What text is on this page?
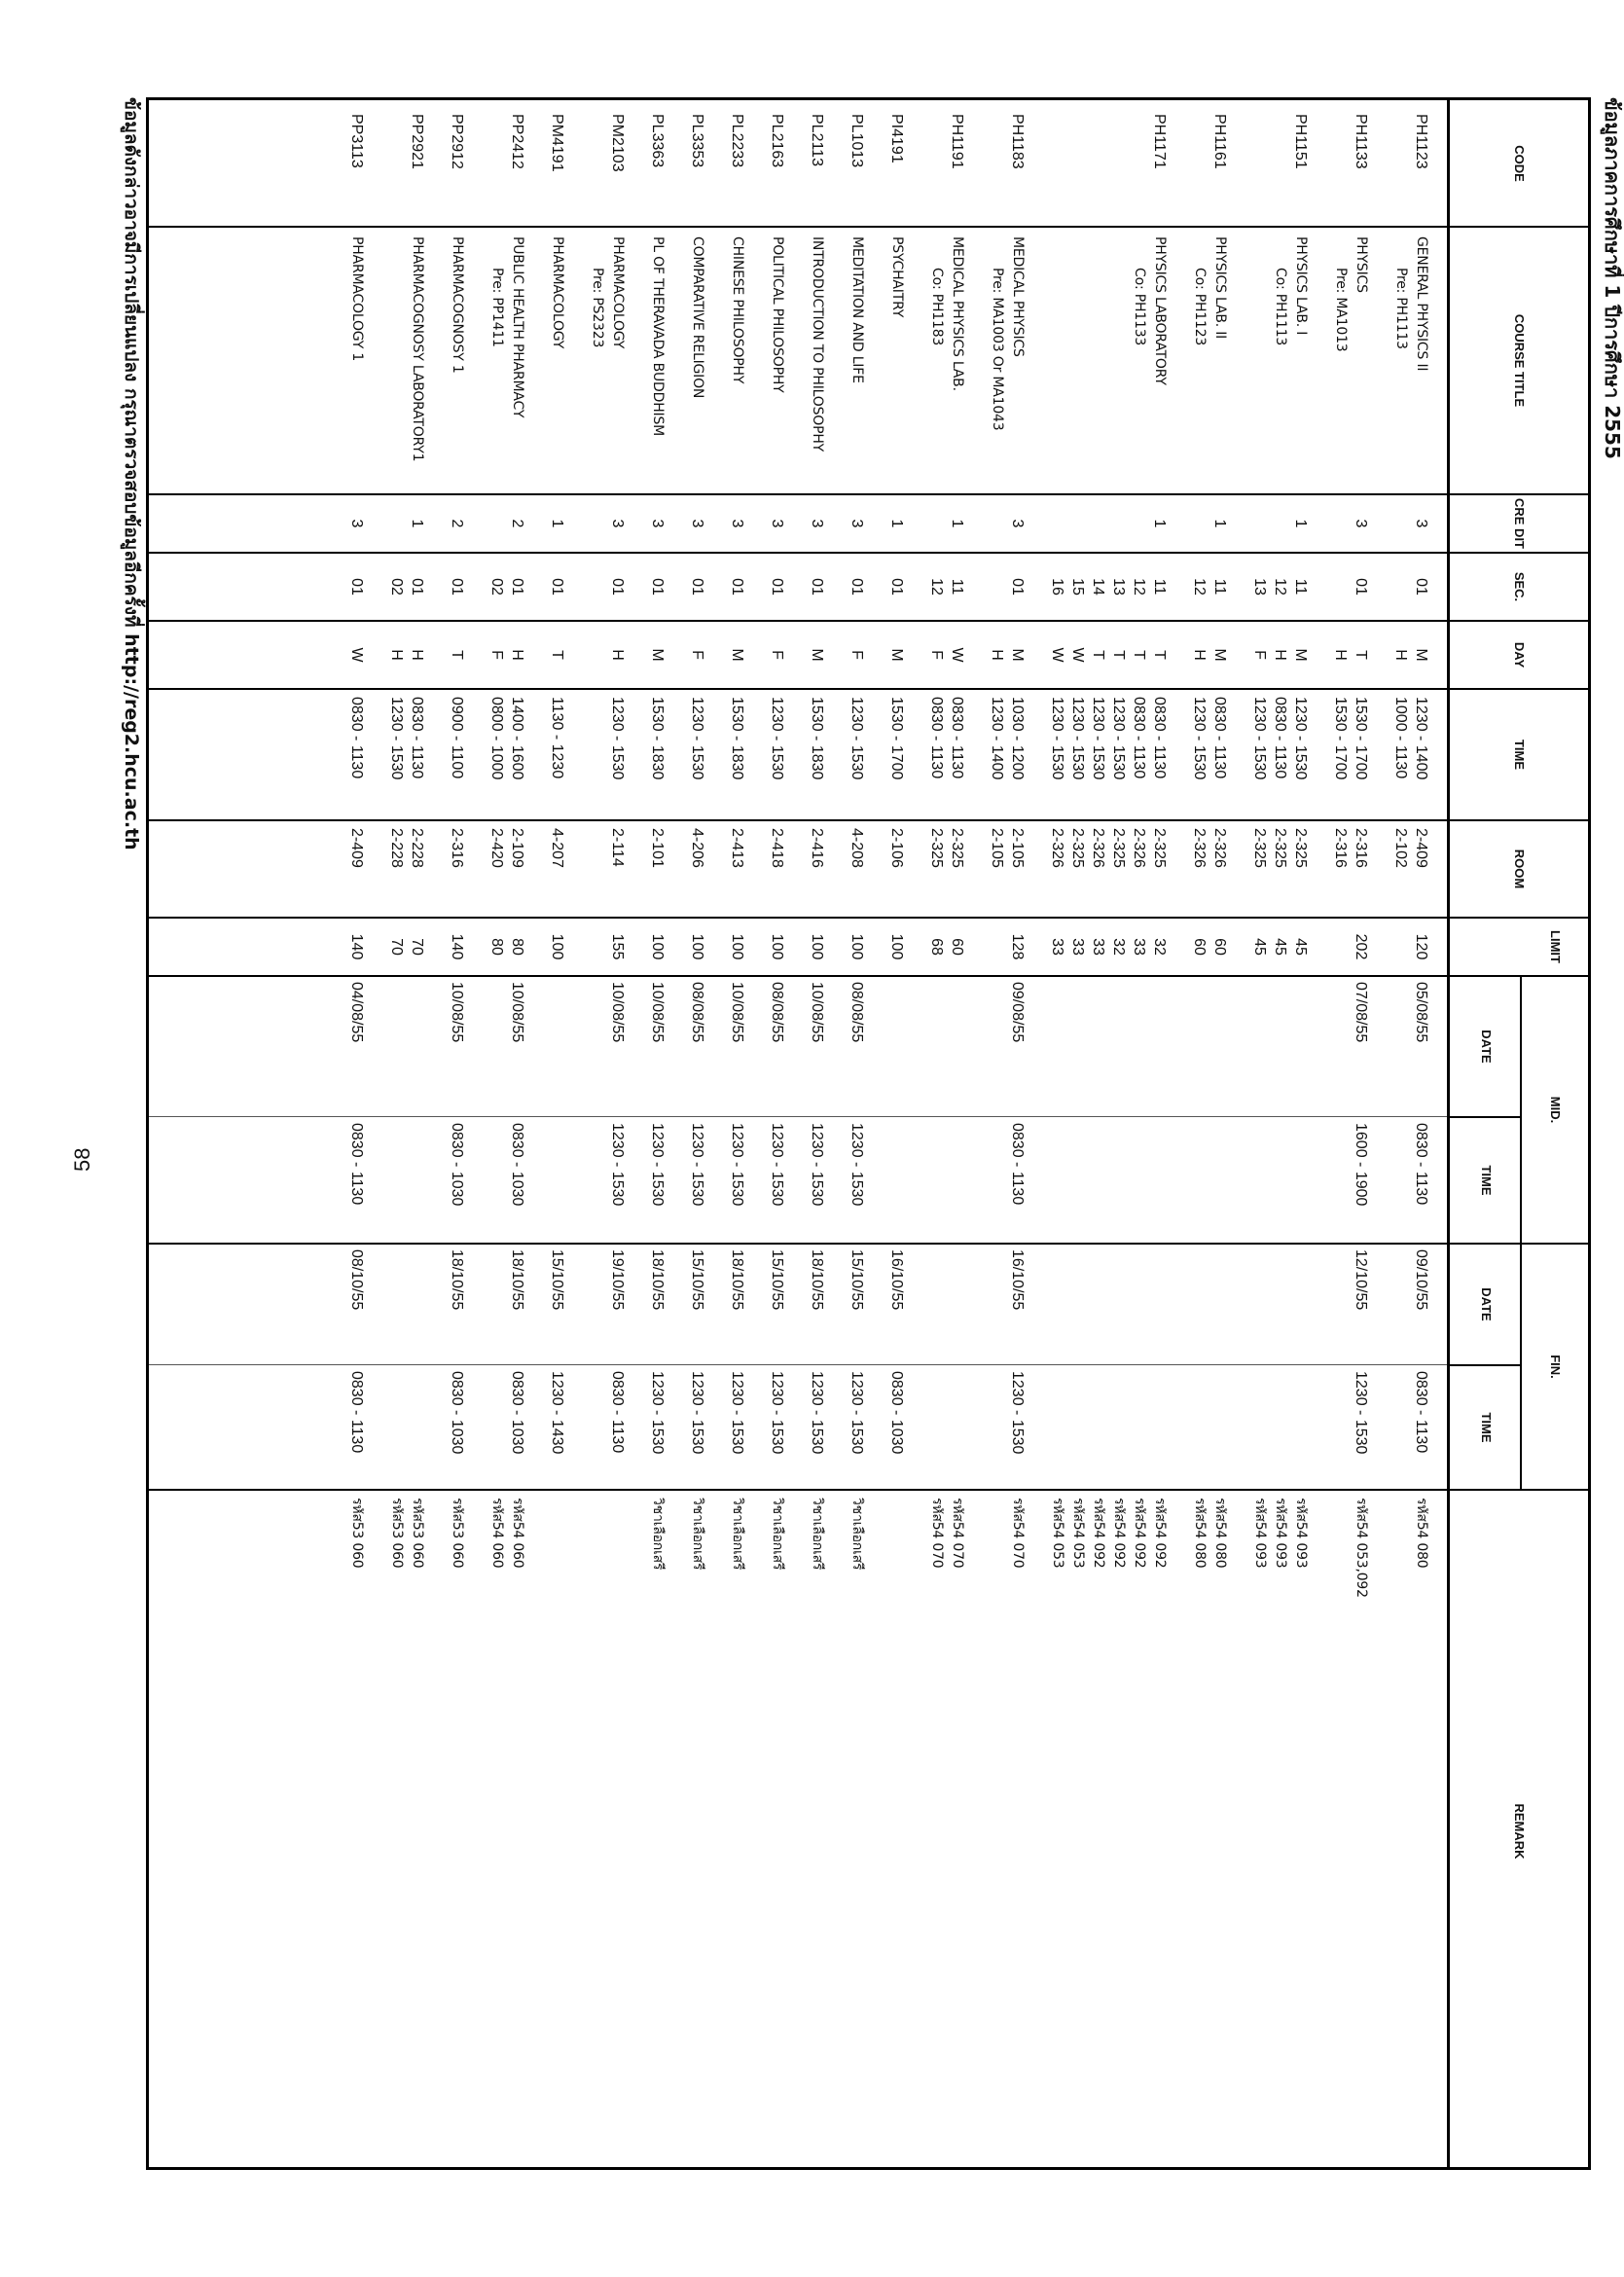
58
ข้อมูลภาคการศึกษาที่ 1 ปีการศึกษา 2555
ข้อมูลดังกล่าวอาจมีการเปลี่ยนแปลง กรุณาตรวจสอบข้อมูลอีกครั้งที่ http://reg2.hcu.ac.th	CODE
COURSE TITLE
CRE DIT
SEC.
DAY
TIME
ROOM
LIMIT
MID.
FIN.
DATE
TIME
DATE
TIME
REMARK
PH1123
GENERAL PHYSICS II
Pre: PH1113
3
01
M
H
1230 - 1400
1000 - 1130
2-409
2-102
120
05/08/55
0830 - 1130
09/10/55
0830 - 1130
รหัส54 080
PH1133
PHYSICS
Pre: MA1013
3
01
T
H
1530 - 1700
1530 - 1700
2-316
2-316
202
07/08/55
1600 - 1900
12/10/55
1230 - 1530
รหัส54 053,092
PH1151
PHYSICS LAB. I
Co: PH1113
1
11
12
13
M
H
F
1230 - 1530
0830 - 1130
1230 - 1530
2-325
2-325
2-325
45
45
45
รหัส54 093
รหัส54 093
รหัส54 093
PH1161
PHYSICS LAB. II
Co: PH1123
1
11
12
M
H
0830 - 1130
1230 - 1530
2-326
2-326
60
60
รหัส54 080
รหัส54 080
PH1171
PHYSICS LABORATORY
Co: PH1133
1
11
12
13
14
15
16
T
T
T
T
W
W
0830 - 1130
0830 - 1130
1230 - 1530
1230 - 1530
1230 - 1530
1230 - 1530
2-325
2-326
2-325
2-326
2-325
2-326
32
33
32
33
33
33
รหัส54 092
รหัส54 092
รหัส54 092
รหัส54 092
รหัส54 053
รหัส54 053
PH1183
MEDICAL PHYSICS
Pre: MA1003 Or MA1043
3
01
M
H
1030 - 1200
1230 - 1400
2-105
2-105
128
09/08/55
0830 - 1130
16/10/55
1230 - 1530
รหัส54 070
PH1191
MEDICAL PHYSICS LAB.
Co: PH1183
1
11
12
W
F
0830 - 1130
0830 - 1130
2-325
2-325
60
68
รหัส54 070
รหัส54 070
PI4191
PSYCHAITRY
1
01
M
1530 - 1700
2-106
100
16/10/55
0830 - 1030
PL1013
MEDITATION AND LIFE
3
01
F
1230 - 1530
4-208
100
08/08/55
1230 - 1530
15/10/55
1230 - 1530
วิชาเลือกเสรี
PL2113
INTRODUCTION TO PHILOSOPHY
3
01
M
1530 - 1830
2-416
100
10/08/55
1230 - 1530
18/10/55
1230 - 1530
วิชาเลือกเสรี
PL2163
POLITICAL PHILOSOPHY
3
01
F
1230 - 1530
2-418
100
08/08/55
1230 - 1530
15/10/55
1230 - 1530
วิชาเลือกเสรี
PL2233
CHINESE PHILOSOPHY
3
01
M
1530 - 1830
2-413
100
10/08/55
1230 - 1530
18/10/55
1230 - 1530
วิชาเลือกเสรี
PL3353
COMPARATIVE RELIGION
3
01
F
1230 - 1530
4-206
100
08/08/55
1230 - 1530
15/10/55
1230 - 1530
วิชาเลือกเสรี
PL3363
PL OF THERAVADA BUDDHISM
3
01
M
1530 - 1830
2-101
100
10/08/55
1230 - 1530
18/10/55
1230 - 1530
วิชาเลือกเสรี
PM2103
PHARMACOLOGY
Pre: PS2323
3
01
H
1230 - 1530
2-114
155
10/08/55
1230 - 1530
19/10/55
0830 - 1130
PM4191
PHARMACOLOGY
1
01
T
1130 - 1230
4-207
100
15/10/55
1230 - 1430
PP2412
PUBLIC HEALTH PHARMACY
Pre: PP1411
2
01
02
H
F
1400 - 1600
0800 - 1000
2-109
2-420
80
80
10/08/55
0830 - 1030
18/10/55
0830 - 1030
รหัส54 060
รหัส54 060
PP2912
PHARMACOGNOSY 1
2
01
T
0900 - 1100
2-316
140
10/08/55
0830 - 1030
18/10/55
0830 - 1030
รหัส53 060
PP2921
PHARMACOGNOSY LABORATORY1
1
01
02
H
H
0830 - 1130
1230 - 1530
2-228
2-228
70
70
รหัส53 060
รหัส53 060
PP3113
PHARMACOLOGY 1
3
01
W
0830 - 1130
2-409
140
04/08/55
0830 - 1130
08/10/55
0830 - 1130
รหัส53 060
